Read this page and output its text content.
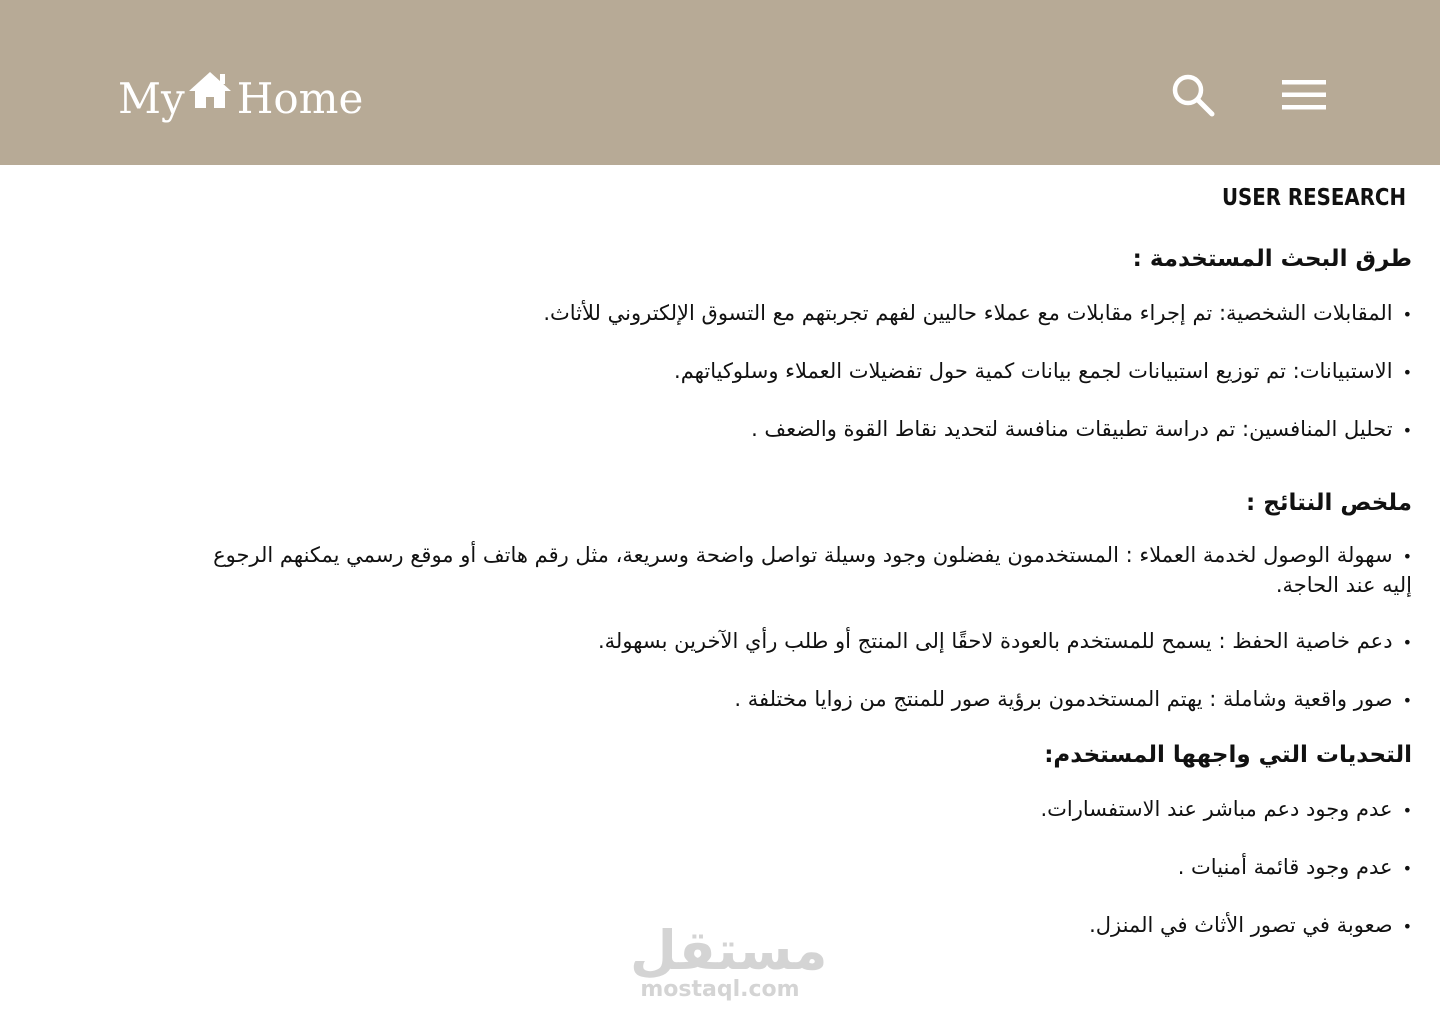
My Home
USER RESEARCH
طرق البحث المستخدمة :

•المقابلات الشخصية: تم إجراء مقابلات مع عملاء حاليين لفهم تجربتهم مع التسوق الإلكتروني للأثاث.

•الاستبيانات: تم توزيع استبيانات لجمع بيانات كمية حول تفضيلات العملاء وسلوكياتهم.

•تحليل المنافسين: تم دراسة تطبيقات منافسة لتحديد نقاط القوة والضعف .

ملخص النتائج :

•سهولة الوصول لخدمة العملاء : المستخدمون يفضلون وجود وسيلة تواصل واضحة وسريعة، مثل رقم هاتف أو موقع رسمي يمكنهم الرجوع إليه عند الحاجة.

•دعم خاصية الحفظ : يسمح للمستخدم بالعودة لاحقًا إلى المنتج أو طلب رأي الآخرين بسهولة.

•صور واقعية وشاملة : يهتم المستخدمون برؤية صور للمنتج من زوايا مختلفة .

التحديات التي واجهها المستخدم:

•عدم وجود دعم مباشر عند الاستفسارات.

•عدم وجود قائمة أمنيات .

•صعوبة في تصور الأثاث في المنزل.

مستقل
mostaql.com
